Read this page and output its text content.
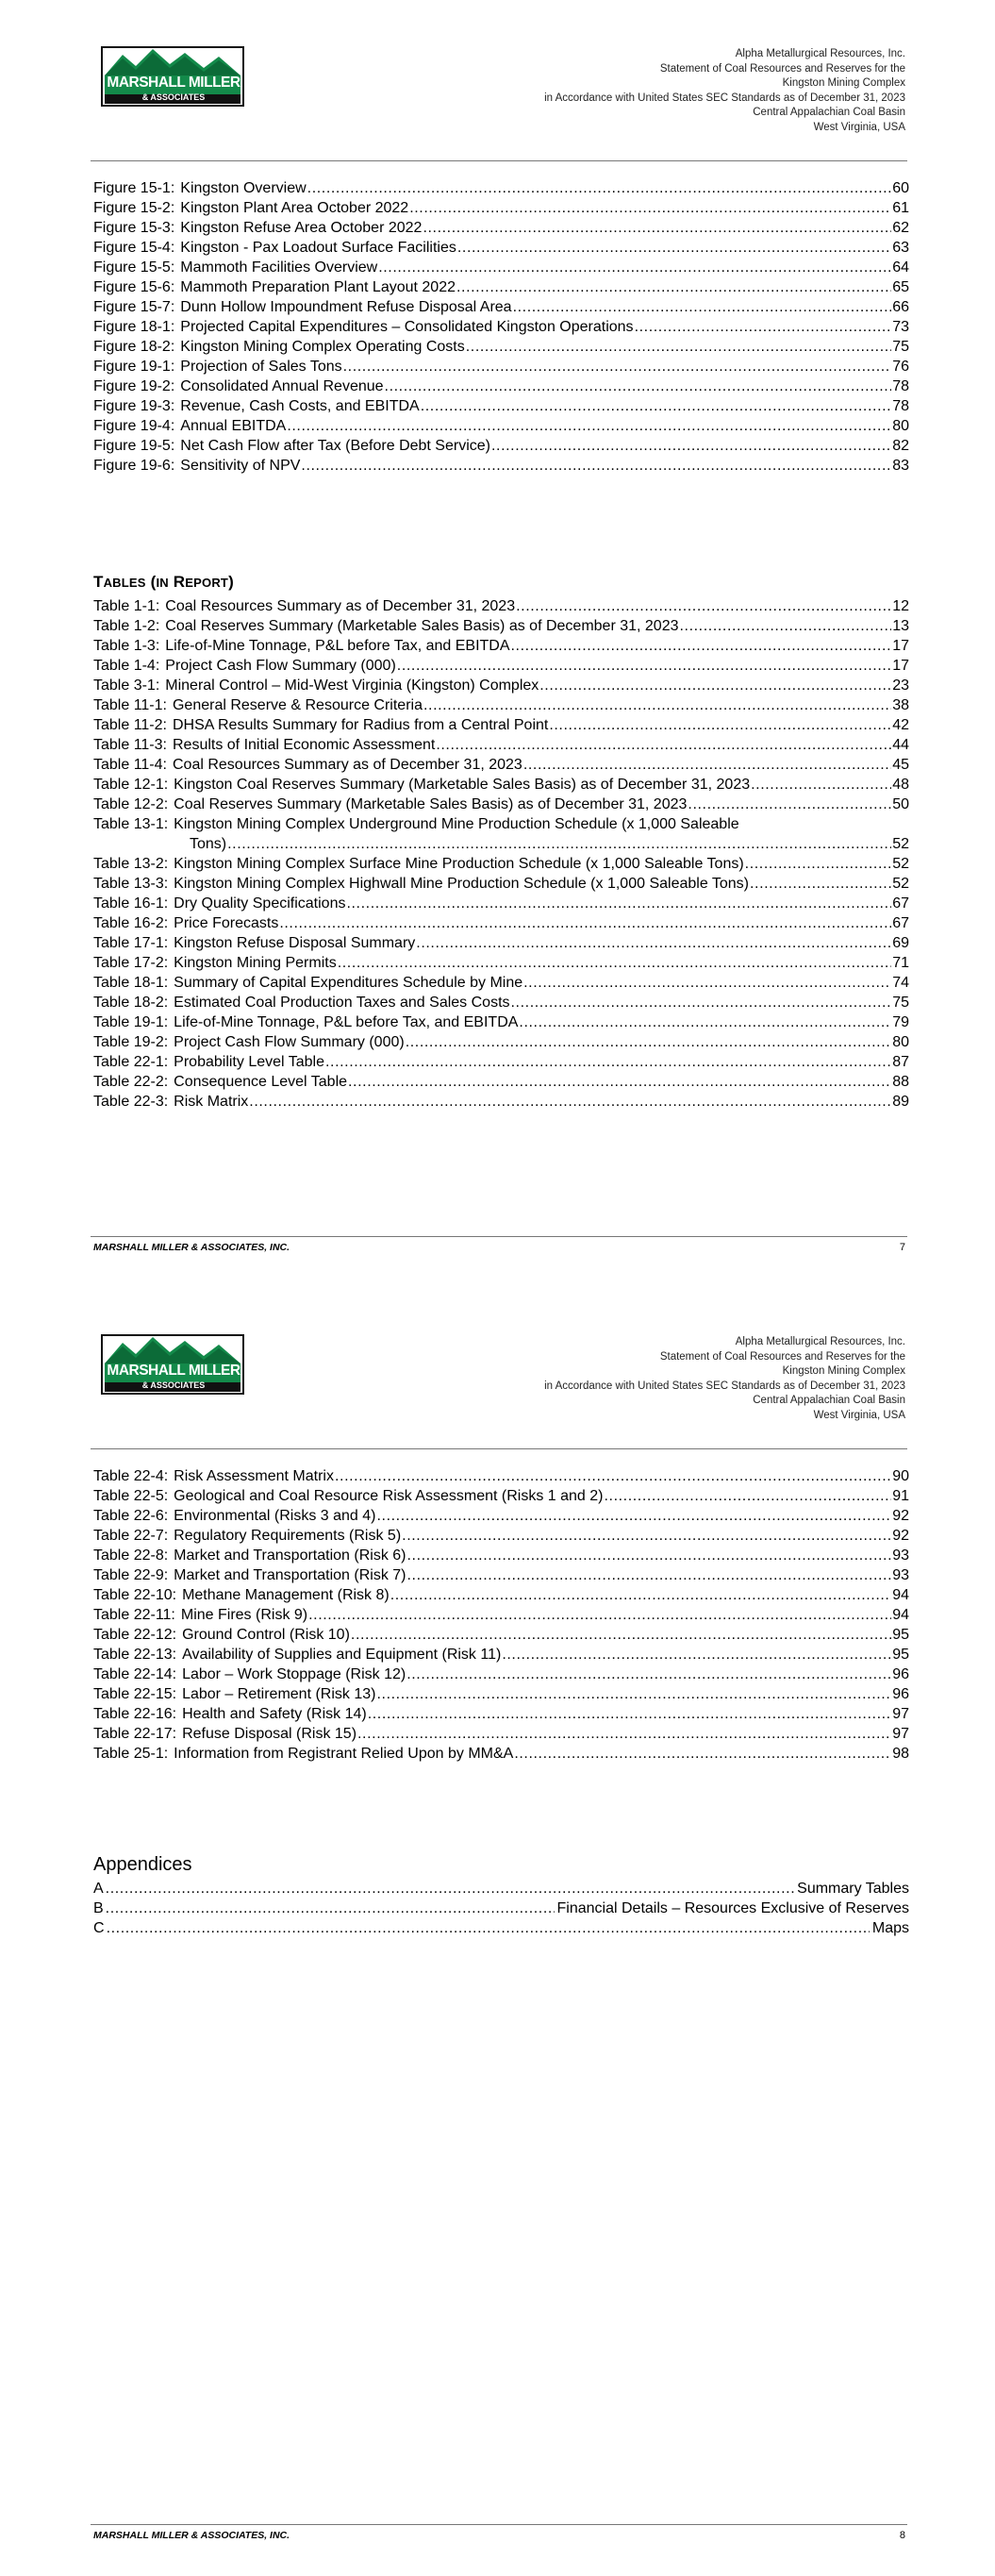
MARSHALL MILLER
& ASSOCIATES
Alpha Metallurgical Resources, Inc.
Statement of Coal Resources and Reserves for the
Kingston Mining Complex
in Accordance with United States SEC Standards as of December 31, 2023
Central Appalachian Coal Basin
West Virginia, USA
Figure 15-1: Kingston Overview .....	60
Figure 15-2: Kingston Plant Area October 2022 .....	61
Figure 15-3: Kingston Refuse Area October 2022 .....	62
Figure 15-4: Kingston - Pax Loadout Surface Facilities .....	63
Figure 15-5: Mammoth Facilities Overview .....	64
Figure 15-6: Mammoth Preparation Plant Layout 2022 .....	65
Figure 15-7: Dunn Hollow Impoundment Refuse Disposal Area .....	66
Figure 18-1: Projected Capital Expenditures – Consolidated Kingston Operations .....	73
Figure 18-2: Kingston Mining Complex Operating Costs .....	75
Figure 19-1: Projection of Sales Tons .....	76
Figure 19-2: Consolidated Annual Revenue .....	78
Figure 19-3: Revenue, Cash Costs, and EBITDA .....	78
Figure 19-4: Annual EBITDA .....	80
Figure 19-5: Net Cash Flow after Tax (Before Debt Service) .....	82
Figure 19-6: Sensitivity of NPV .....	83

TABLES (IN REPORT)

Table 1-1: Coal Resources Summary as of December 31, 2023 .....	12
Table 1-2: Coal Reserves Summary (Marketable Sales Basis) as of December 31, 2023 .....	13
Table 1-3: Life-of-Mine Tonnage, P&L before Tax, and EBITDA .....	17
Table 1-4: Project Cash Flow Summary (000) .....	17
Table 3-1: Mineral Control – Mid-West Virginia (Kingston) Complex .....	23
Table 11-1: General Reserve & Resource Criteria .....	38
Table 11-2: DHSA Results Summary for Radius from a Central Point .....	42
Table 11-3: Results of Initial Economic Assessment .....	44
Table 11-4: Coal Resources Summary as of December 31, 2023 .....	45
Table 12-1: Kingston Coal Reserves Summary (Marketable Sales Basis) as of December 31, 2023 .....	48
Table 12-2: Coal Reserves Summary (Marketable Sales Basis) as of December 31, 2023 .....	50
Table 13-1: Kingston Mining Complex Underground Mine Production Schedule (x 1,000 Saleable
Tons) .....	52
Table 13-2: Kingston Mining Complex Surface Mine Production Schedule (x 1,000 Saleable Tons) .....	52
Table 13-3: Kingston Mining Complex Highwall Mine Production Schedule (x 1,000 Saleable Tons) .....	52
Table 16-1: Dry Quality Specifications .....	67
Table 16-2: Price Forecasts .....	67
Table 17-1: Kingston Refuse Disposal Summary .....	69
Table 17-2: Kingston Mining Permits .....	71
Table 18-1: Summary of Capital Expenditures Schedule by Mine .....	74
Table 18-2: Estimated Coal Production Taxes and Sales Costs .....	75
Table 19-1: Life-of-Mine Tonnage, P&L before Tax, and EBITDA .....	79
Table 19-2: Project Cash Flow Summary (000) .....	80
Table 22-1: Probability Level Table .....	87
Table 22-2: Consequence Level Table .....	88
Table 22-3: Risk Matrix .....	89
MARSHALL MILLER & ASSOCIATES, INC.	7
MARSHALL MILLER
& ASSOCIATES
Alpha Metallurgical Resources, Inc.
Statement of Coal Resources and Reserves for the
Kingston Mining Complex
in Accordance with United States SEC Standards as of December 31, 2023
Central Appalachian Coal Basin
West Virginia, USA
Table 22-4: Risk Assessment Matrix .....	90
Table 22-5: Geological and Coal Resource Risk Assessment (Risks 1 and 2) .....	91
Table 22-6: Environmental (Risks 3 and 4) .....	92
Table 22-7: Regulatory Requirements (Risk 5) .....	92
Table 22-8: Market and Transportation (Risk 6) .....	93
Table 22-9: Market and Transportation (Risk 7) .....	93
Table 22-10: Methane Management (Risk 8) .....	94
Table 22-11: Mine Fires (Risk 9) .....	94
Table 22-12: Ground Control (Risk 10) .....	95
Table 22-13: Availability of Supplies and Equipment (Risk 11) .....	95
Table 22-14: Labor – Work Stoppage (Risk 12) .....	96
Table 22-15: Labor – Retirement (Risk 13) .....	96
Table 22-16: Health and Safety (Risk 14) .....	97
Table 22-17: Refuse Disposal (Risk 15) .....	97
Table 25-1: Information from Registrant Relied Upon by MM&A .....	98

Appendices

A .....	Summary Tables
B .....	Financial Details – Resources Exclusive of Reserves
C .....	Maps
MARSHALL MILLER & ASSOCIATES, INC.	8
